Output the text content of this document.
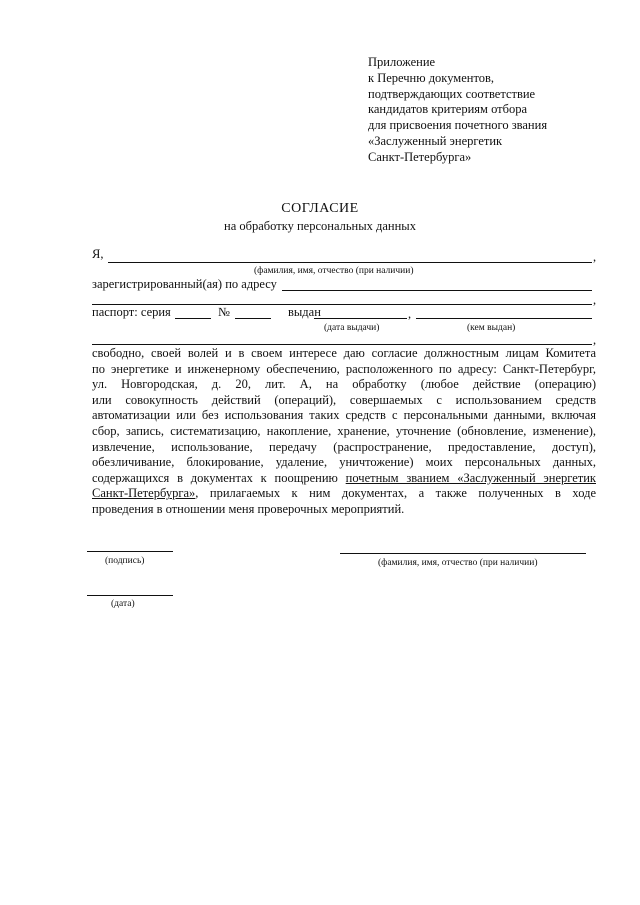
Приложение
к Перечню документов,
подтверждающих соответствие
кандидатов критериям отбора
для присвоения почетного звания
«Заслуженный энергетик
Санкт-Петербурга»
СОГЛАСИЕ
на обработку персональных данных
Я,	,
(фамилия, имя, отчество (при наличии)
зарегистрированный(ая) по адресу
,
паспорт: серия	№	выдан	,
(дата выдачи)	(кем выдан)
,
свободно, своей волей и в своем интересе даю согласие должностным лицам Комитета
по энергетике и инженерному обеспечению, расположенного по адресу: Санкт-Петербург,
ул. Новгородская, д. 20, лит. А, на обработку (любое действие (операцию)
или совокупность действий (операций), совершаемых с использованием средств
автоматизации или без использования таких средств с персональными данными, включая
сбор, запись, систематизацию, накопление, хранение, уточнение (обновление, изменение),
извлечение, использование, передачу (распространение, предоставление, доступ),
обезличивание, блокирование, удаление, уничтожение) моих персональных данных,
содержащихся в документах к поощрению почетным званием «Заслуженный энергетик
Санкт-Петербурга», прилагаемых к ним документах, а также полученных в ходе
проведения в отношении меня проверочных мероприятий.
(подпись)	(фамилия, имя, отчество (при наличии)
(дата)
